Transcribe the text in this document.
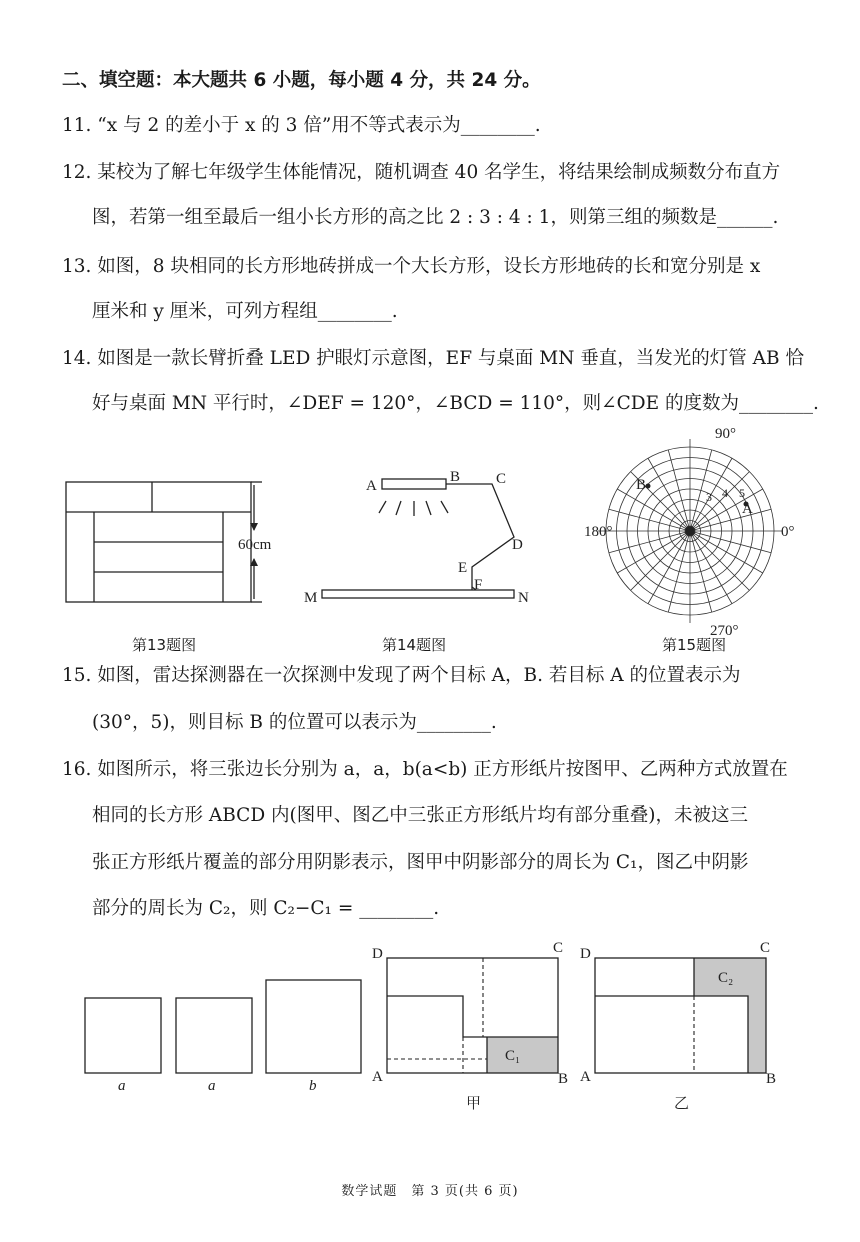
二、填空题：本大题共 6 小题，每小题 4 分，共 24 分。
11. “x 与 2 的差小于 x 的 3 倍”用不等式表示为________.
12. 某校为了解七年级学生体能情况，随机调查 40 名学生，将结果绘制成频数分布直方
图，若第一组至最后一组小长方形的高之比 2 : 3 : 4 : 1，则第三组的频数是______.
13. 如图，8 块相同的长方形地砖拼成一个大长方形，设长方形地砖的长和宽分别是 x
厘米和 y 厘米，可列方程组________.
14. 如图是一款长臂折叠 LED 护眼灯示意图，EF 与桌面 MN 垂直，当发光的灯管 AB 恰
好与桌面 MN 平行时，∠DEF = 120°，∠BCD = 110°，则∠CDE 的度数为________.
60cm
第13题图
A
B C
D
E
F
M	N
第14题图
90°
180°	0°
270°
3 4 5
A
B
第15题图
15. 如图，雷达探测器在一次探测中发现了两个目标 A，B. 若目标 A 的位置表示为
(30°，5)，则目标 B 的位置可以表示为________.
16. 如图所示，将三张边长分别为 a，a，b(a<b) 正方形纸片按图甲、乙两种方式放置在
相同的长方形 ABCD 内(图甲、图乙中三张正方形纸片均有部分重叠)，未被这三
张正方形纸片覆盖的部分用阴影表示，图甲中阴影部分的周长为 C₁，图乙中阴影
部分的周长为 C₂，则 C₂−C₁ = ________.
a	a	b
C₁
D	C
A	B
甲
C₂
D	C
A	B
乙
数学试题　第 3 页(共 6 页)
